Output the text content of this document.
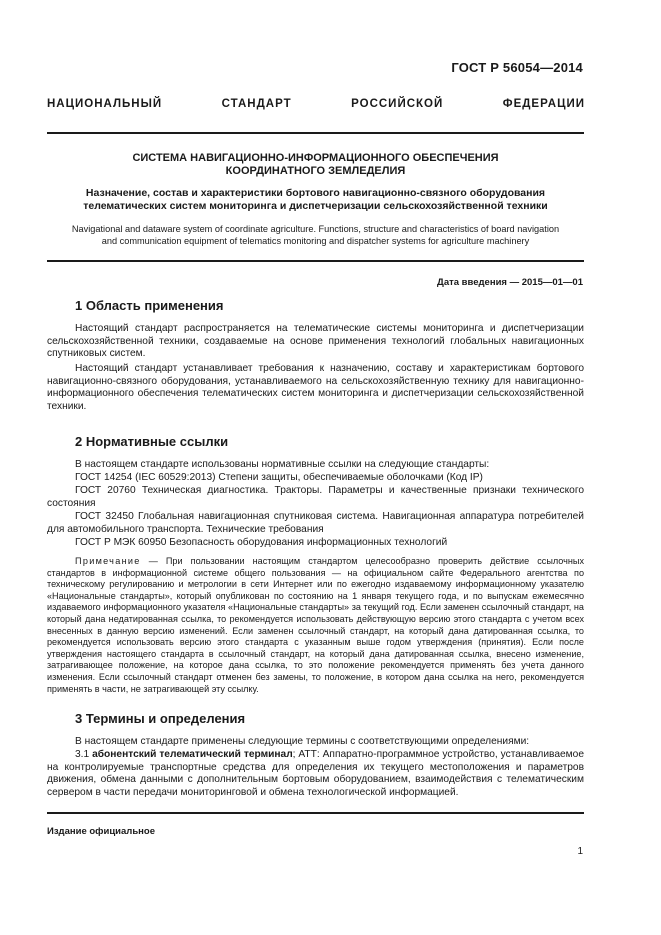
ГОСТ Р 56054—2014
НАЦИОНАЛЬНЫЙ СТАНДАРТ РОССИЙСКОЙ ФЕДЕРАЦИИ
СИСТЕМА НАВИГАЦИОННО-ИНФОРМАЦИОННОГО ОБЕСПЕЧЕНИЯ
КООРДИНАТНОГО ЗЕМЛЕДЕЛИЯ
Назначение, состав и характеристики бортового навигационно-связного оборудования
телематических систем мониторинга и диспетчеризации сельскохозяйственной техники
Navigational and dataware system of coordinate agriculture. Functions, structure and characteristics of board navigation
and communication equipment of telematics monitoring and dispatcher systems for agriculture machinery
Дата введения — 2015—01—01
1 Область применения

Настоящий стандарт распространяется на телематические системы мониторинга и диспетчеризации сельскохозяйственной техники, создаваемые на основе применения технологий глобальных навигационных спутниковых систем.

Настоящий стандарт устанавливает требования к назначению, составу и характеристикам бортового навигационно-связного оборудования, устанавливаемого на сельскохозяйственную технику для навигационно-информационного обеспечения телематических систем мониторинга и диспетчеризации сельскохозяйственной техники.

2 Нормативные ссылки
В настоящем стандарте использованы нормативные ссылки на следующие стандарты:
ГОСТ 14254 (IEC 60529:2013) Степени защиты, обеспечиваемые оболочками (Код IP)

ГОСТ 20760 Техническая диагностика. Тракторы. Параметры и качественные признаки технического состояния

ГОСТ 32450 Глобальная навигационная спутниковая система. Навигационная аппаратура потребителей для автомобильного транспорта. Технические требования

ГОСТ Р МЭК 60950 Безопасность оборудования информационных технологий

Примечание — При пользовании настоящим стандартом целесообразно проверить действие ссылочных стандартов в информационной системе общего пользования — на официальном сайте Федерального агентства по техническому регулированию и метрологии в сети Интернет или по ежегодно издаваемому информационному указателю «Национальные стандарты», который опубликован по состоянию на 1 января текущего года, и по выпускам ежемесячно издаваемого информационного указателя «Национальные стандарты» за текущий год. Если заменен ссылочный стандарт, на который дана недатированная ссылка, то рекомендуется использовать действующую версию этого стандарта с учетом всех внесенных в данную версию изменений. Если заменен ссылочный стандарт, на который дана датированная ссылка, то рекомендуется использовать версию этого стандарта с указанным выше годом утверждения (принятия). Если после утверждения настоящего стандарта в ссылочный стандарт, на который дана датированная ссылка, внесено изменение, затрагивающее положение, на которое дана ссылка, то это положение рекомендуется применять без учета данного изменения. Если ссылочный стандарт отменен без замены, то положение, в котором дана ссылка на него, рекомендуется применять в части, не затрагивающей эту ссылку.

3 Термины и определения
В настоящем стандарте применены следующие термины с соответствующими определениями:

3.1 абонентский телематический терминал; АТТ: Аппаратно-программное устройство, устанавливаемое на контролируемые транспортные средства для определения их текущего местоположения и параметров движения, обмена данными с дополнительным бортовым оборудованием, взаимодействия с телематическим сервером в части передачи мониторинговой и обмена технологической информацией.

Издание официальное
1
